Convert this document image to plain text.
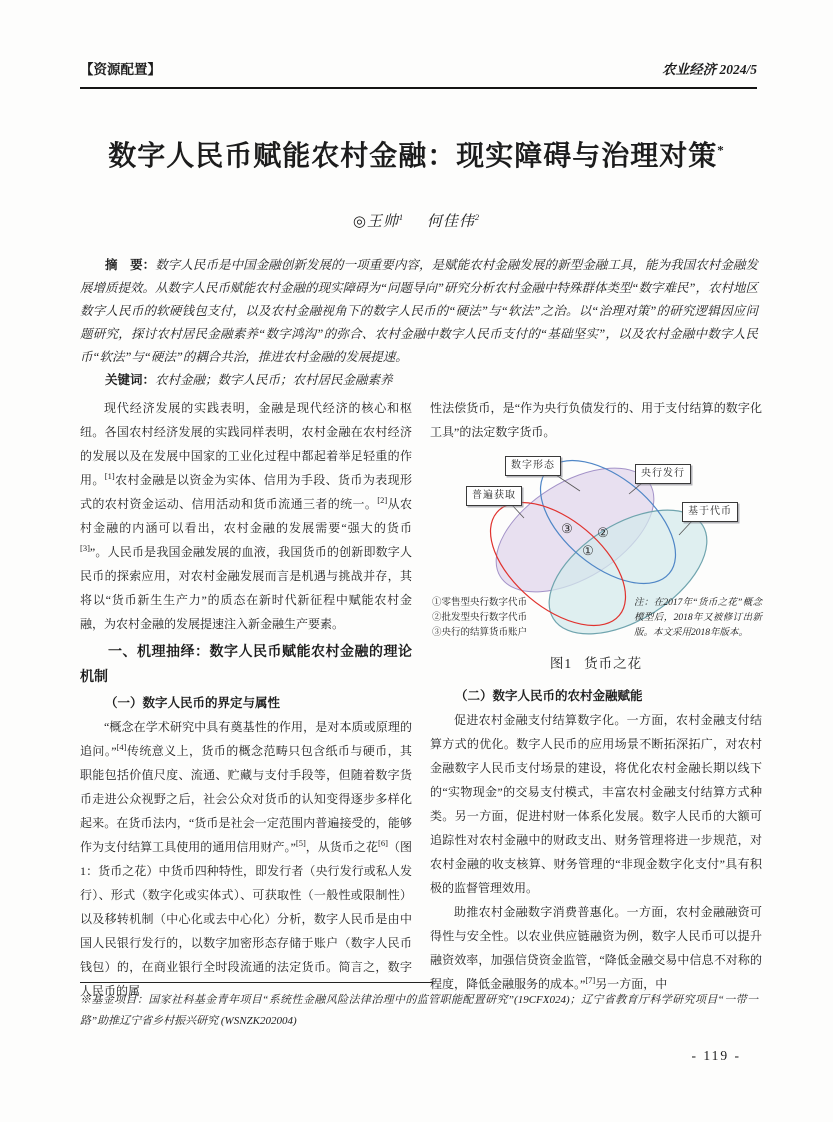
【资源配置】	农业经济 2024/5
数字人民币赋能农村金融：现实障碍与治理对策*
◎王帅$^1$ 何佳伟$^2$

摘　要：数字人民币是中国金融创新发展的一项重要内容，是赋能农村金融发展的新型金融工具，能为我国农村金融发展增质提效。从数字人民币赋能农村金融的现实障碍为“问题导向”研究分析农村金融中特殊群体类型“数字难民”，农村地区数字人民币的软硬钱包支付，以及农村金融视角下的数字人民币的“硬法”与“软法”之治。以“治理对策”的研究逻辑因应问题研究，探讨农村居民金融素养“数字鸿沟”的弥合、农村金融中数字人民币支付的“基础坚实”，以及农村金融中数字人民币“软法”与“硬法”的耦合共治，推进农村金融的发展提速。

关键词：农村金融；数字人民币；农村居民金融素养

现代经济发展的实践表明，金融是现代经济的核心和枢纽。各国农村经济发展的实践同样表明，农村金融在农村经济的发展以及在发展中国家的工业化过程中都起着举足轻重的作用。[1]农村金融是以资金为实体、信用为手段、货币为表现形式的农村资金运动、信用活动和货币流通三者的统一。[2]从农村金融的内涵可以看出，农村金融的发展需要“强大的货币[3]”。人民币是我国金融发展的血液，我国货币的创新即数字人民币的探索应用，对农村金融发展而言是机遇与挑战并存，其将以“货币新生生产力”的质态在新时代新征程中赋能农村金融，为农村金融的发展提速注入新金融生产要素。

一、机理抽绎：数字人民币赋能农村金融的理论机制
（一）数字人民币的界定与属性

“概念在学术研究中具有奠基性的作用，是对本质或原理的追问。”[4]传统意义上，货币的概念范畴只包含纸币与硬币，其职能包括价值尺度、流通、贮藏与支付手段等，但随着数字货币走进公众视野之后，社会公众对货币的认知变得逐步多样化起来。在货币法内，“货币是社会一定范围内普遍接受的，能够作为支付结算工具使用的通用信用财产。”[5]，从货币之花[6]（图1：货币之花）中货币四种特性，即发行者（央行发行或私人发行）、形式（数字化或实体式）、可获取性（一般性或限制性）以及移转机制（中心化或去中心化）分析，数字人民币是由中国人民银行发行的，以数字加密形态存储于账户（数字人民币钱包）的，在商业银行全时段流通的法定货币。简言之，数字人民币的属

性法偿货币，是“作为央行负债发行的、用于支付结算的数字化工具”的法定数字货币。

③ ②
①
数字形态
央行发行
普遍获取
基于代币
①零售型央行数字代币
②批发型央行数字代币
③央行的结算货币账户
注：在2017年“货币之花”概念模型后，2018年又被修订出新版。本文采用2018年版本。
图1 货币之花
（二）数字人民币的农村金融赋能

促进农村金融支付结算数字化。一方面，农村金融支付结算方式的优化。数字人民币的应用场景不断拓深拓广，对农村金融数字人民币支付场景的建设，将优化农村金融长期以线下的“实物现金”的交易支付模式，丰富农村金融支付结算方式种类。另一方面，促进村财一体系化发展。数字人民币的大额可追踪性对农村金融中的财政支出、财务管理将进一步规范，对农村金融的收支核算、财务管理的“非现金数字化支付”具有积极的监督管理效用。

助推农村金融数字消费普惠化。一方面，农村金融融资可得性与安全性。以农业供应链融资为例，数字人民币可以提升融资效率，加强信贷资金监管，“降低金融交易中信息不对称的程度，降低金融服务的成本。”[7]另一方面，中

※基金项目：国家社科基金青年项目“系统性金融风险法律治理中的监管职能配置研究”(19CFX024)；辽宁省教育厅科学研究项目“一带一路”助推辽宁省乡村振兴研究 (WSNZK202004)
- 119 -
